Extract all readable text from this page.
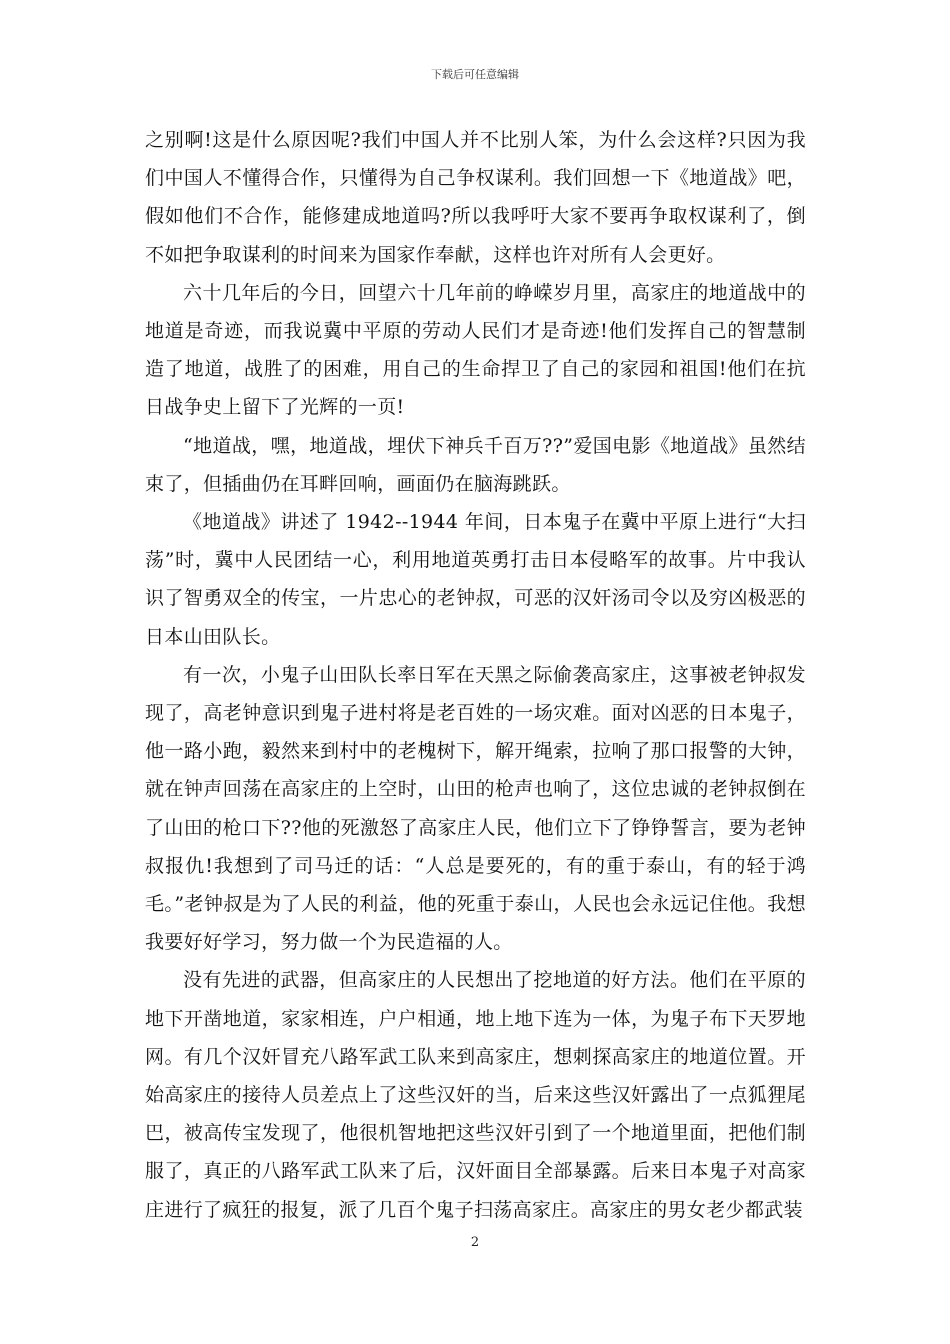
下载后可任意编辑

之别啊!这是什么原因呢?我们中国人并不比别人笨，为什么会这样?只因为我们中国人不懂得合作，只懂得为自己争权谋利。我们回想一下《地道战》吧，假如他们不合作，能修建成地道吗?所以我呼吁大家不要再争取权谋利了，倒不如把争取谋利的时间来为国家作奉献，这样也许对所有人会更好。

六十几年后的今日，回望六十几年前的峥嵘岁月里，高家庄的地道战中的地道是奇迹，而我说冀中平原的劳动人民们才是奇迹!他们发挥自己的智慧制造了地道，战胜了的困难，用自己的生命捍卫了自己的家园和祖国!他们在抗日战争史上留下了光辉的一页!

“地道战，嘿，地道战，埋伏下神兵千百万??”爱国电影《地道战》虽然结束了，但插曲仍在耳畔回响，画面仍在脑海跳跃。

《地道战》讲述了 1942--1944 年间，日本鬼子在冀中平原上进行“大扫荡”时，冀中人民团结一心，利用地道英勇打击日本侵略军的故事。片中我认识了智勇双全的传宝，一片忠心的老钟叔，可恶的汉奸汤司令以及穷凶极恶的日本山田队长。

有一次，小鬼子山田队长率日军在天黑之际偷袭高家庄，这事被老钟叔发现了，高老钟意识到鬼子进村将是老百姓的一场灾难。面对凶恶的日本鬼子，他一路小跑，毅然来到村中的老槐树下，解开绳索，拉响了那口报警的大钟，就在钟声回荡在高家庄的上空时，山田的枪声也响了，这位忠诚的老钟叔倒在了山田的枪口下??他的死激怒了高家庄人民，他们立下了铮铮誓言，要为老钟叔报仇!我想到了司马迁的话：“人总是要死的，有的重于泰山，有的轻于鸿毛。”老钟叔是为了人民的利益，他的死重于泰山，人民也会永远记住他。我想我要好好学习，努力做一个为民造福的人。

没有先进的武器，但高家庄的人民想出了挖地道的好方法。他们在平原的地下开凿地道，家家相连，户户相通，地上地下连为一体，为鬼子布下天罗地网。有几个汉奸冒充八路军武工队来到高家庄，想刺探高家庄的地道位置。开始高家庄的接待人员差点上了这些汉奸的当，后来这些汉奸露出了一点狐狸尾巴，被高传宝发现了，他很机智地把这些汉奸引到了一个地道里面，把他们制服了，真正的八路军武工队来了后，汉奸面目全部暴露。后来日本鬼子对高家庄进行了疯狂的报复，派了几百个鬼子扫荡高家庄。高家庄的男女老少都武装

2
